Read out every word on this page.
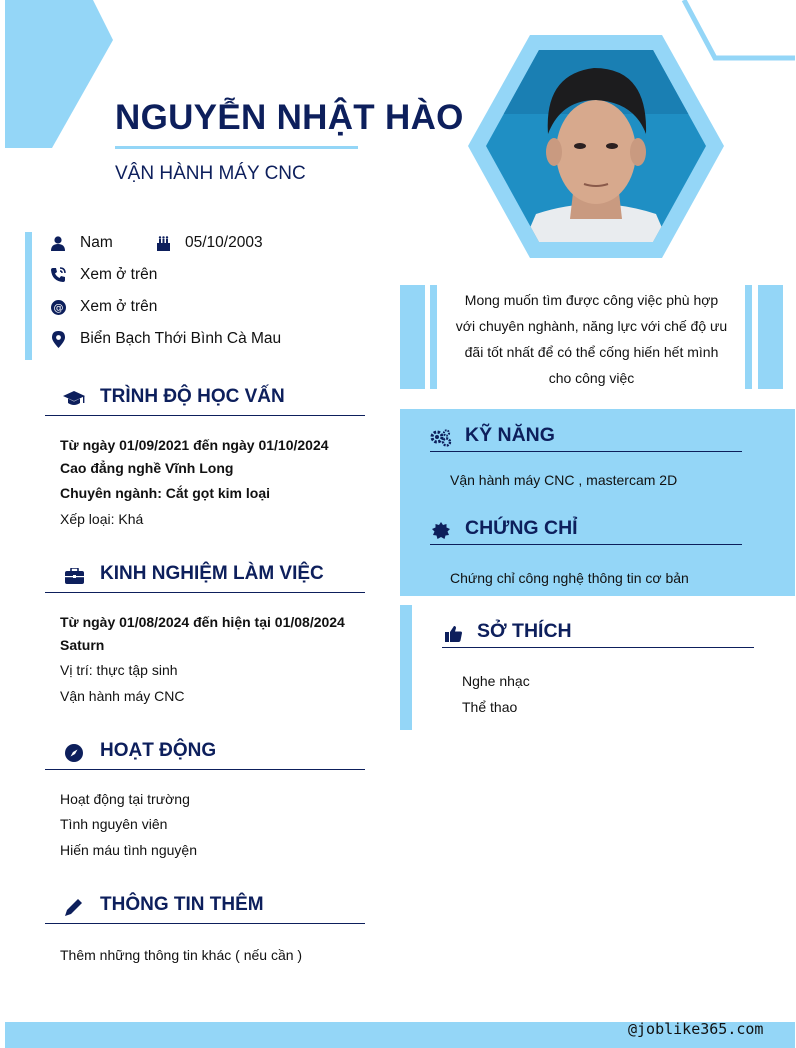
NGUYỄN NHẬT HÀO
VẬN HÀNH MÁY CNC
Nam	05/10/2003
Xem ở trên
@ Xem ở trên
Biển Bạch Thới Bình Cà Mau
TRÌNH ĐỘ HỌC VẤN
Từ ngày 01/09/2021 đến ngày 01/10/2024
Cao đẳng nghề Vĩnh Long
Chuyên ngành: Cắt gọt kim loại
Xếp loại: Khá
KINH NGHIỆM LÀM VIỆC
Từ ngày 01/08/2024 đến hiện tại 01/08/2024
Saturn
Vị trí: thực tập sinh
Vận hành máy CNC
HOẠT ĐỘNG
Hoạt động tại trường
Tình nguyên viên
Hiến máu tình nguyện
THÔNG TIN THÊM
Thêm những thông tin khác ( nếu cần )
Mong muốn tìm được công việc phù hợp
với chuyên nghành, năng lực với chế độ ưu
đãi tốt nhất để có thể cống hiến hết mình
cho công việc
KỸ NĂNG
Vận hành máy CNC , mastercam 2D
CHỨNG CHỈ
Chứng chỉ công nghệ thông tin cơ bản
SỞ THÍCH
Nghe nhạc
Thể thao
@joblike365.com
